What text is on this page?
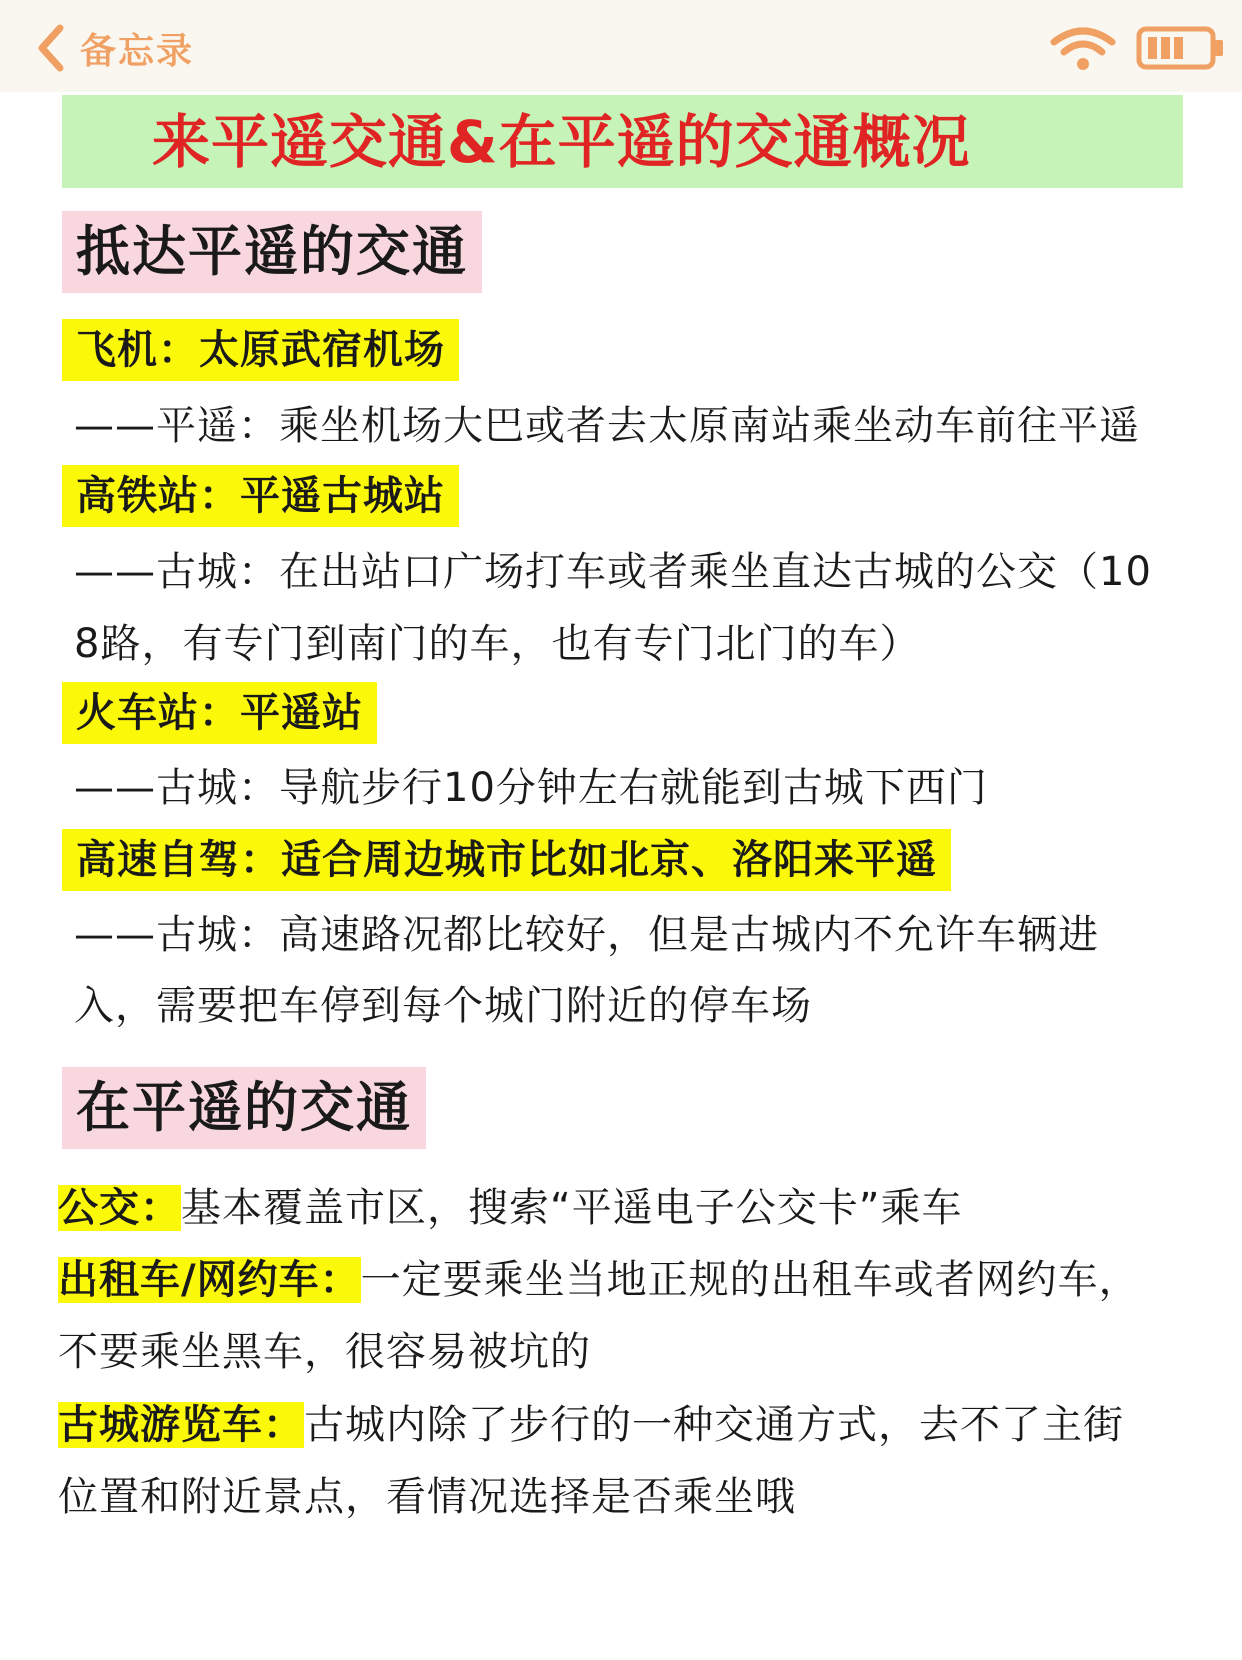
备忘录
来平遥交通&在平遥的交通概况
抵达平遥的交通
飞机：太原武宿机场
——平遥：乘坐机场大巴或者去太原南站乘坐动车前往平遥
高铁站：平遥古城站
——古城：在出站口广场打车或者乘坐直达古城的公交（10
8路，有专门到南门的车，也有专门北门的车）
火车站：平遥站
——古城：导航步行10分钟左右就能到古城下西门
高速自驾：适合周边城市比如北京、洛阳来平遥
——古城：高速路况都比较好，但是古城内不允许车辆进
入，需要把车停到每个城门附近的停车场
在平遥的交通
公交：基本覆盖市区，搜索“平遥电子公交卡”乘车
出租车/网约车：一定要乘坐当地正规的出租车或者网约车，
不要乘坐黑车，很容易被坑的
古城游览车：古城内除了步行的一种交通方式，去不了主街
位置和附近景点，看情况选择是否乘坐哦
